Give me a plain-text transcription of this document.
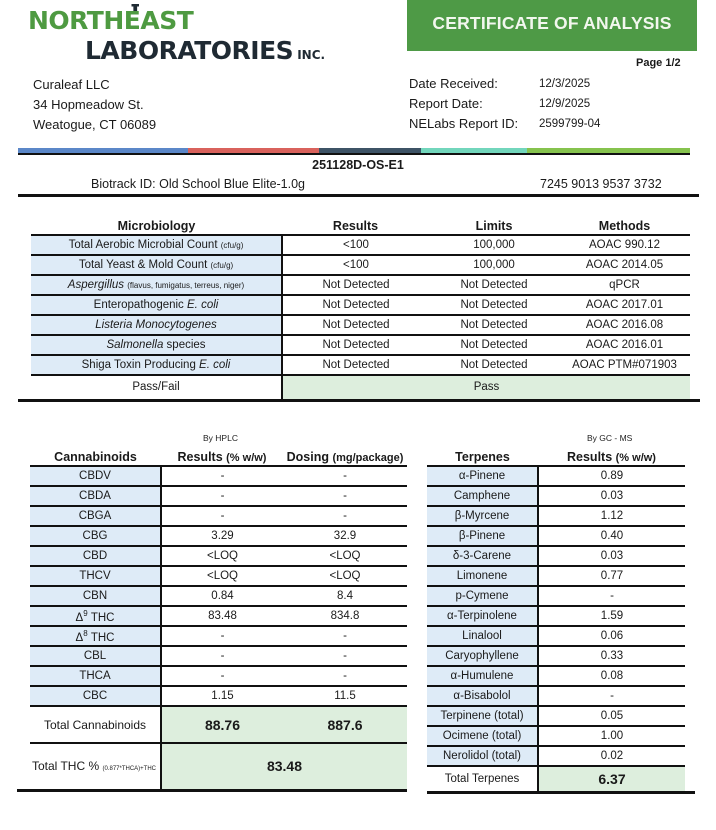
NORTHEAST
LABORATORIES INC.
CERTIFICATE OF ANALYSIS
Page 1/2
Curaleaf LLC
34 Hopmeadow St.
Weatogue, CT 06089
Date Received:	12/3/2025
Report Date:	12/9/2025
NELabs Report ID:	2599799-04
251128D-OS-E1
Biotrack ID: Old School Blue Elite-1.0g	7245 9013 9537 3732
	Microbiology	Results	Limits	Methods	
	Total Aerobic Microbial Count (cfu/g)	<100	100,000	AOAC 990.12	
	Total Yeast & Mold Count (cfu/g)	<100	100,000	AOAC 2014.05	
	Aspergillus (flavus, fumigatus, terreus, niger)	Not Detected	Not Detected	qPCR	
	Enteropathogenic E. coli	Not Detected	Not Detected	AOAC 2017.01	
	Listeria Monocytogenes	Not Detected	Not Detected	AOAC 2016.08	
	Salmonella species	Not Detected	Not Detected	AOAC 2016.01	
	Shiga Toxin Producing E. coli	Not Detected	Not Detected	AOAC PTM#071903	
	Pass/Fail	Pass			
By HPLC
	Cannabinoids	Results (% w/w)	Dosing (mg/package)
	CBDV	-	-
	CBDA	-	-
	CBGA	-	-
	CBG	3.29	32.9
	CBD	<LOQ	<LOQ
	THCV	<LOQ	<LOQ
	CBN	0.84	8.4
	$\Delta^9$ THC	83.48	834.8
	$\Delta^8$ THC	-	-
	CBL	-	-
	THCA	-	-
	CBC	1.15	11.5
	Total Cannabinoids	88.76	887.6
	Total THC % (0.877*THCA)+THC	83.48	
By GC - MS
Terpenes	Results (% w/w)	
α-Pinene	0.89	
Camphene	0.03	
β-Myrcene	1.12	
β-Pinene	0.40	
δ-3-Carene	0.03	
Limonene	0.77	
p-Cymene	-	
α-Terpinolene	1.59	
Linalool	0.06	
Caryophyllene	0.33	
α-Humulene	0.08	
α-Bisabolol	-	
Terpinene (total)	0.05	
Ocimene (total)	1.00	
Nerolidol (total)	0.02	
Total Terpenes	6.37	
